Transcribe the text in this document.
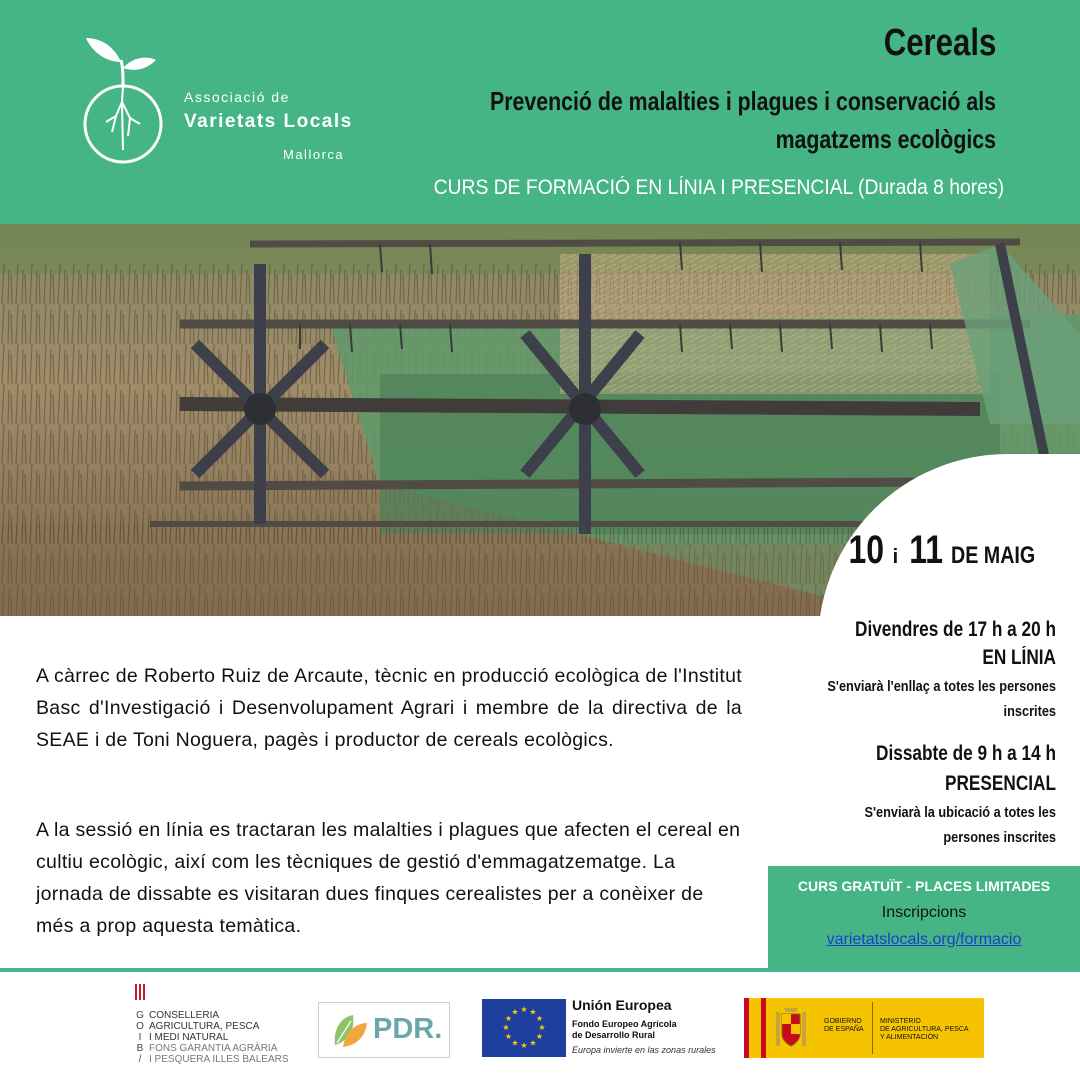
Associació de
Varietats Locals
Mallorca
Cereals
Prevenció de malalties i plagues i conservació als
magatzems ecològics
CURS DE FORMACIÓ EN LÍNIA I PRESENCIAL (Durada 8 hores)
10 i 11 DE MAIG
Divendres de 17 h a 20 h
EN LÍNIA
S'enviarà l'enllaç a totes les persones inscrites
Dissabte de 9 h a 14 h
PRESENCIAL
S'enviarà la ubicació a totes les persones inscrites
A càrrec de Roberto Ruiz de Arcaute, tècnic en producció ecològica de l'Institut Basc d'Investigació i Desenvolupament Agrari i membre de la directiva de la SEAE i de Toni Noguera, pagès i productor de cereals ecològics.
A la sessió en línia es tractaran les malalties i plagues que afecten el cereal en cultiu ecològic, així com les tècniques de gestió d'emmagatzematge. La jornada de dissabte es visitaran dues finques cerealistes per a conèixer de més a prop aquesta temàtica.
CURS GRATUÏT - PLACES LIMITADES
Inscripcions
varietatslocals.org/formacio
G
O
I
B
/
CONSELLERIA
AGRICULTURA, PESCA
I MEDI NATURAL
FONS GARANTIA AGRÀRIA
I PESQUERA ILLES BALEARS
PDR.
★ ★
★
★
★
★
★
★
★
★
★
★	Unión Europea
Fondo Europeo Agrícola
de Desarrollo Rural
Europa invierte en las zonas rurales
GOBIERNO
DE ESPAÑA
MINISTERIO
DE AGRICULTURA, PESCA
Y ALIMENTACIÓN
